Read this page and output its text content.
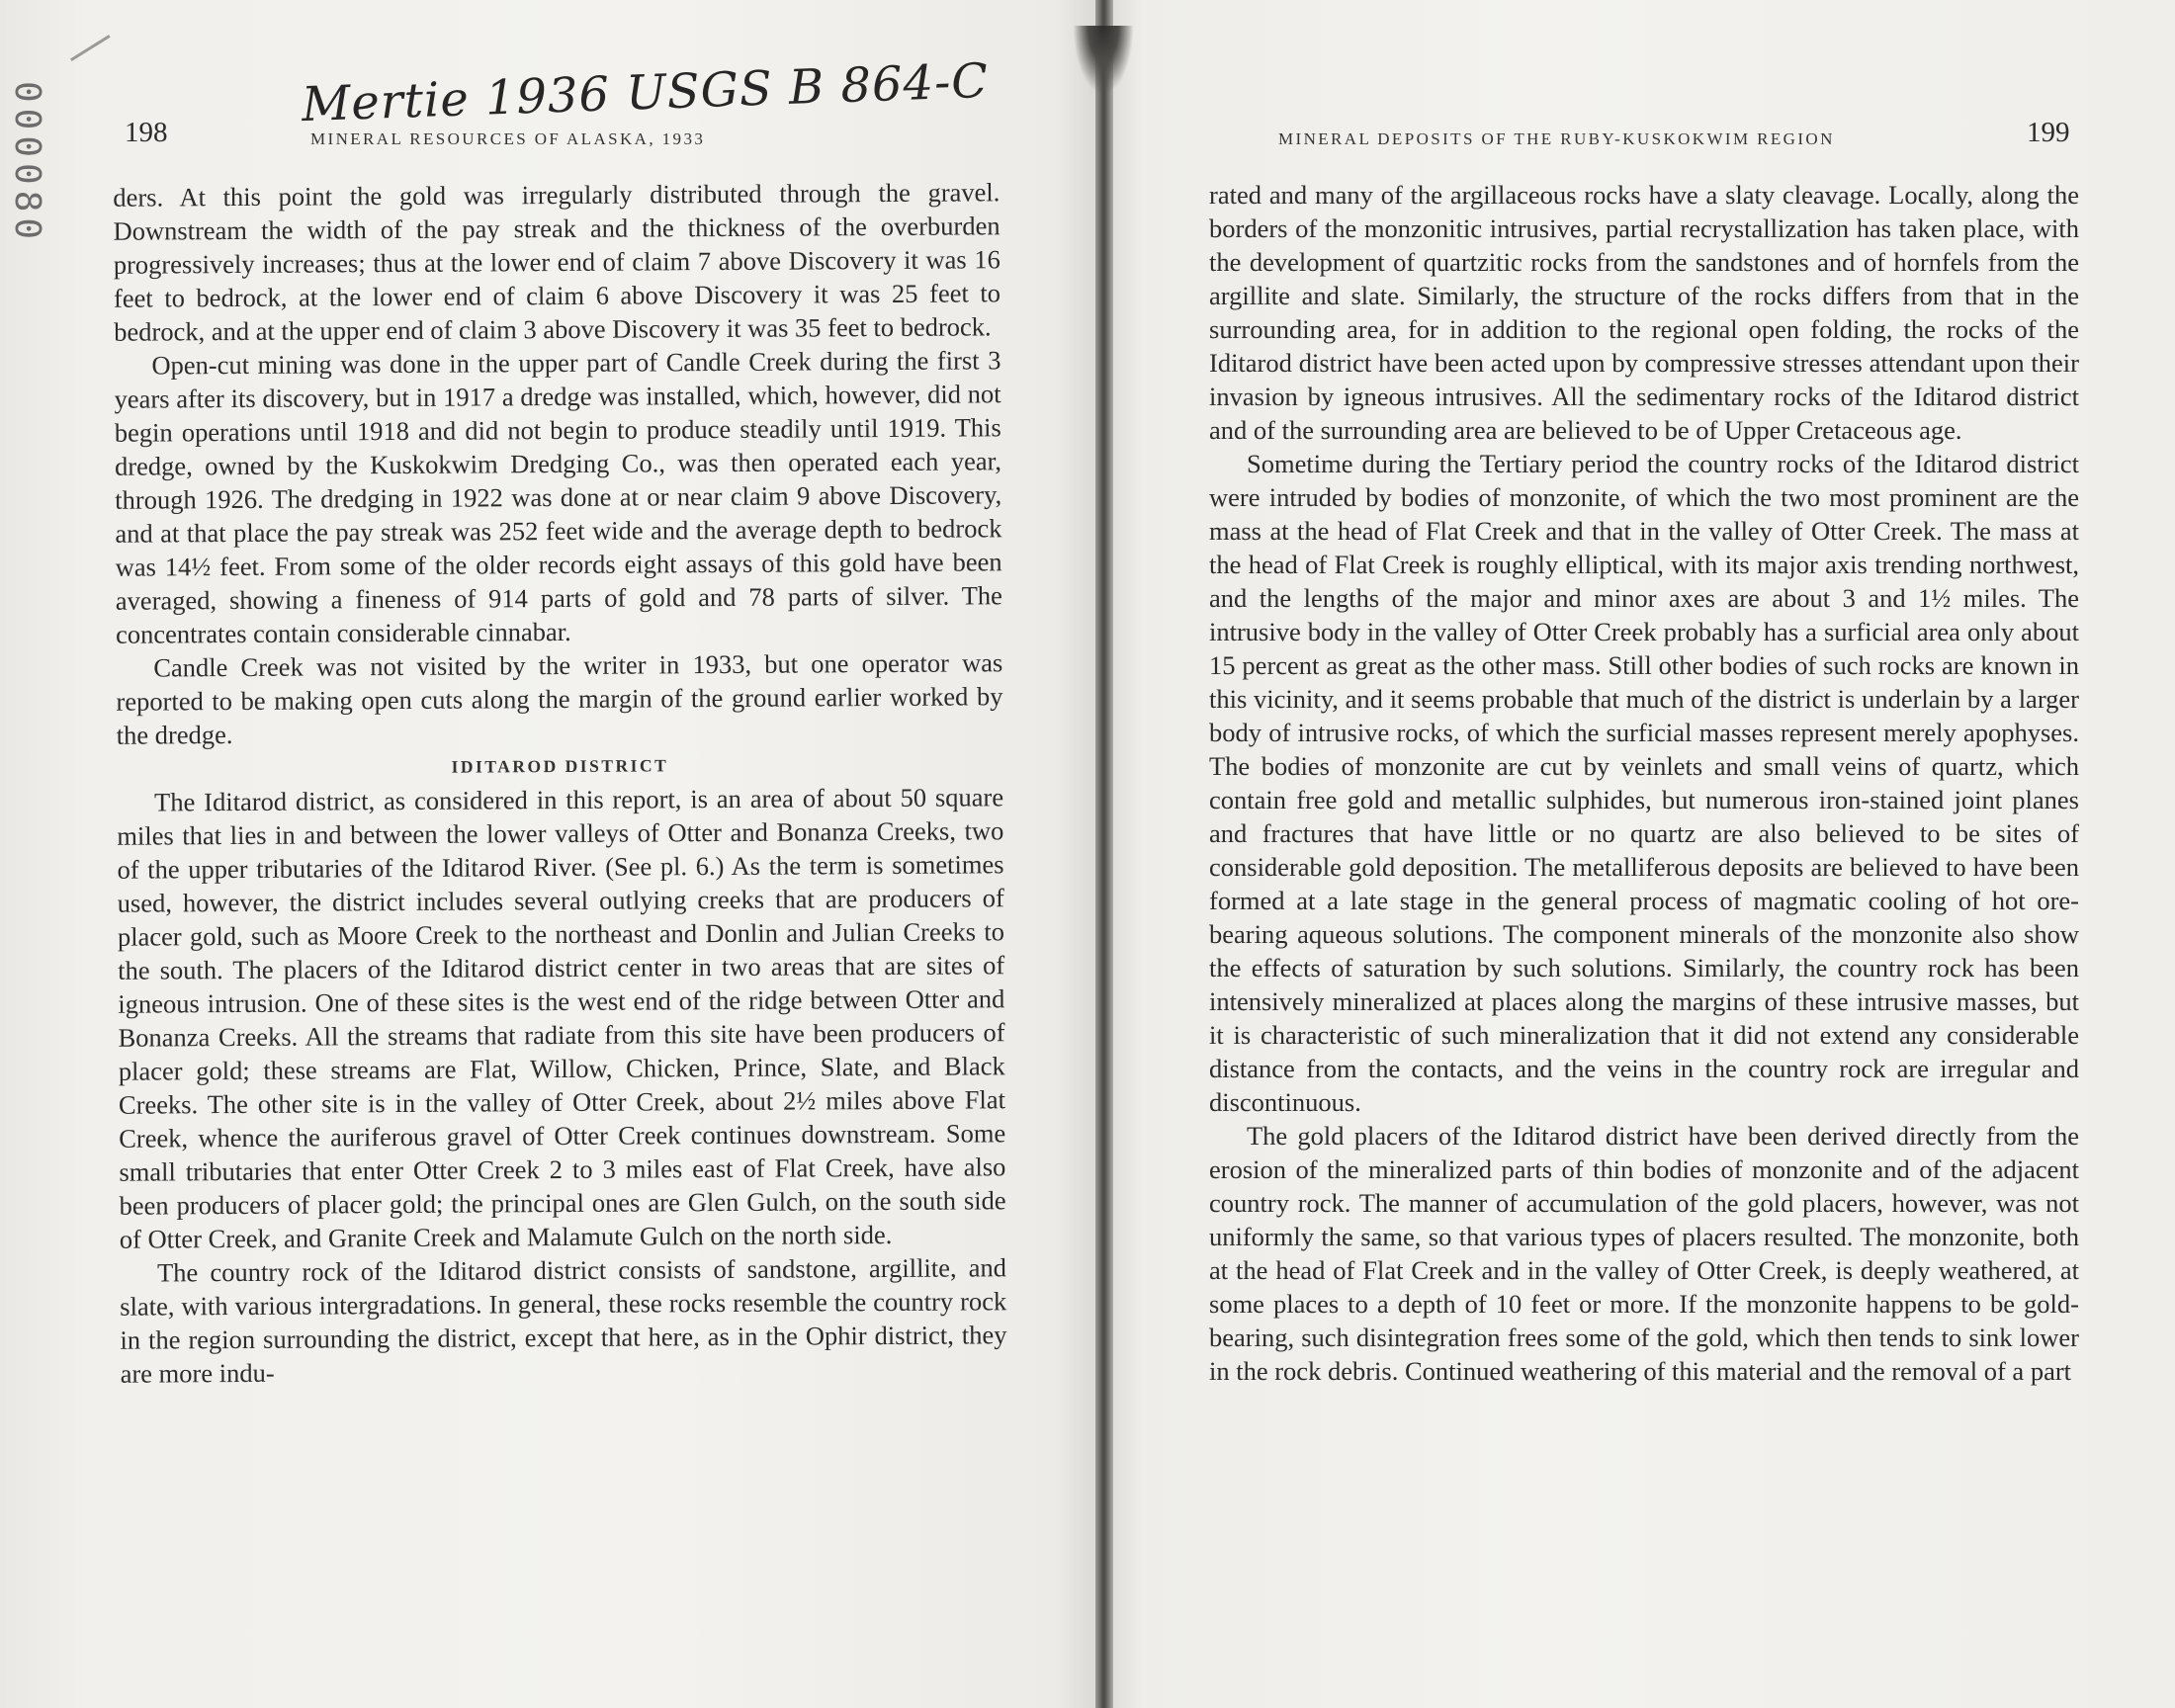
000080	Mertie 1936 USGS B 864-C
198	MINERAL RESOURCES OF ALASKA, 1933	MINERAL DEPOSITS OF THE RUBY-KUSKOKWIM REGION	199

ders. At this point the gold was irregularly distributed through the gravel. Downstream the width of the pay streak and the thickness of the overburden progressively increases; thus at the lower end of claim 7 above Discovery it was 16 feet to bedrock, at the lower end of claim 6 above Discovery it was 25 feet to bedrock, and at the upper end of claim 3 above Discovery it was 35 feet to bedrock.

Open-cut mining was done in the upper part of Candle Creek during the first 3 years after its discovery, but in 1917 a dredge was installed, which, however, did not begin operations until 1918 and did not begin to produce steadily until 1919. This dredge, owned by the Kuskokwim Dredging Co., was then operated each year, through 1926. The dredging in 1922 was done at or near claim 9 above Discovery, and at that place the pay streak was 252 feet wide and the average depth to bedrock was 14½ feet. From some of the older records eight assays of this gold have been averaged, showing a fineness of 914 parts of gold and 78 parts of silver. The concentrates contain considerable cinnabar.

Candle Creek was not visited by the writer in 1933, but one operator was reported to be making open cuts along the margin of the ground earlier worked by the dredge.

IDITAROD DISTRICT

The Iditarod district, as considered in this report, is an area of about 50 square miles that lies in and between the lower valleys of Otter and Bonanza Creeks, two of the upper tributaries of the Iditarod River. (See pl. 6.) As the term is sometimes used, however, the district includes several outlying creeks that are producers of placer gold, such as Moore Creek to the northeast and Donlin and Julian Creeks to the south. The placers of the Iditarod district center in two areas that are sites of igneous intrusion. One of these sites is the west end of the ridge between Otter and Bonanza Creeks. All the streams that radiate from this site have been producers of placer gold; these streams are Flat, Willow, Chicken, Prince, Slate, and Black Creeks. The other site is in the valley of Otter Creek, about 2½ miles above Flat Creek, whence the auriferous gravel of Otter Creek continues downstream. Some small tributaries that enter Otter Creek 2 to 3 miles east of Flat Creek, have also been producers of placer gold; the principal ones are Glen Gulch, on the south side of Otter Creek, and Granite Creek and Malamute Gulch on the north side.

The country rock of the Iditarod district consists of sandstone, argillite, and slate, with various intergradations. In general, these rocks resemble the country rock in the region surrounding the district, except that here, as in the Ophir district, they are more indu-

rated and many of the argillaceous rocks have a slaty cleavage. Locally, along the borders of the monzonitic intrusives, partial recrystallization has taken place, with the development of quartzitic rocks from the sandstones and of hornfels from the argillite and slate. Similarly, the structure of the rocks differs from that in the surrounding area, for in addition to the regional open folding, the rocks of the Iditarod district have been acted upon by compressive stresses attendant upon their invasion by igneous intrusives. All the sedimentary rocks of the Iditarod district and of the surrounding area are believed to be of Upper Cretaceous age.

Sometime during the Tertiary period the country rocks of the Iditarod district were intruded by bodies of monzonite, of which the two most prominent are the mass at the head of Flat Creek and that in the valley of Otter Creek. The mass at the head of Flat Creek is roughly elliptical, with its major axis trending northwest, and the lengths of the major and minor axes are about 3 and 1½ miles. The intrusive body in the valley of Otter Creek probably has a surficial area only about 15 percent as great as the other mass. Still other bodies of such rocks are known in this vicinity, and it seems probable that much of the district is underlain by a larger body of intrusive rocks, of which the surficial masses represent merely apophyses. The bodies of monzonite are cut by veinlets and small veins of quartz, which contain free gold and metallic sulphides, but numerous iron-stained joint planes and fractures that have little or no quartz are also believed to be sites of considerable gold deposition. The metalliferous deposits are believed to have been formed at a late stage in the general process of magmatic cooling of hot ore-bearing aqueous solutions. The component minerals of the monzonite also show the effects of saturation by such solutions. Similarly, the country rock has been intensively mineralized at places along the margins of these intrusive masses, but it is characteristic of such mineralization that it did not extend any considerable distance from the contacts, and the veins in the country rock are irregular and discontinuous.

The gold placers of the Iditarod district have been derived directly from the erosion of the mineralized parts of thin bodies of monzonite and of the adjacent country rock. The manner of accumulation of the gold placers, however, was not uniformly the same, so that various types of placers resulted. The monzonite, both at the head of Flat Creek and in the valley of Otter Creek, is deeply weathered, at some places to a depth of 10 feet or more. If the monzonite happens to be gold-bearing, such disintegration frees some of the gold, which then tends to sink lower in the rock debris. Continued weathering of this material and the removal of a part
